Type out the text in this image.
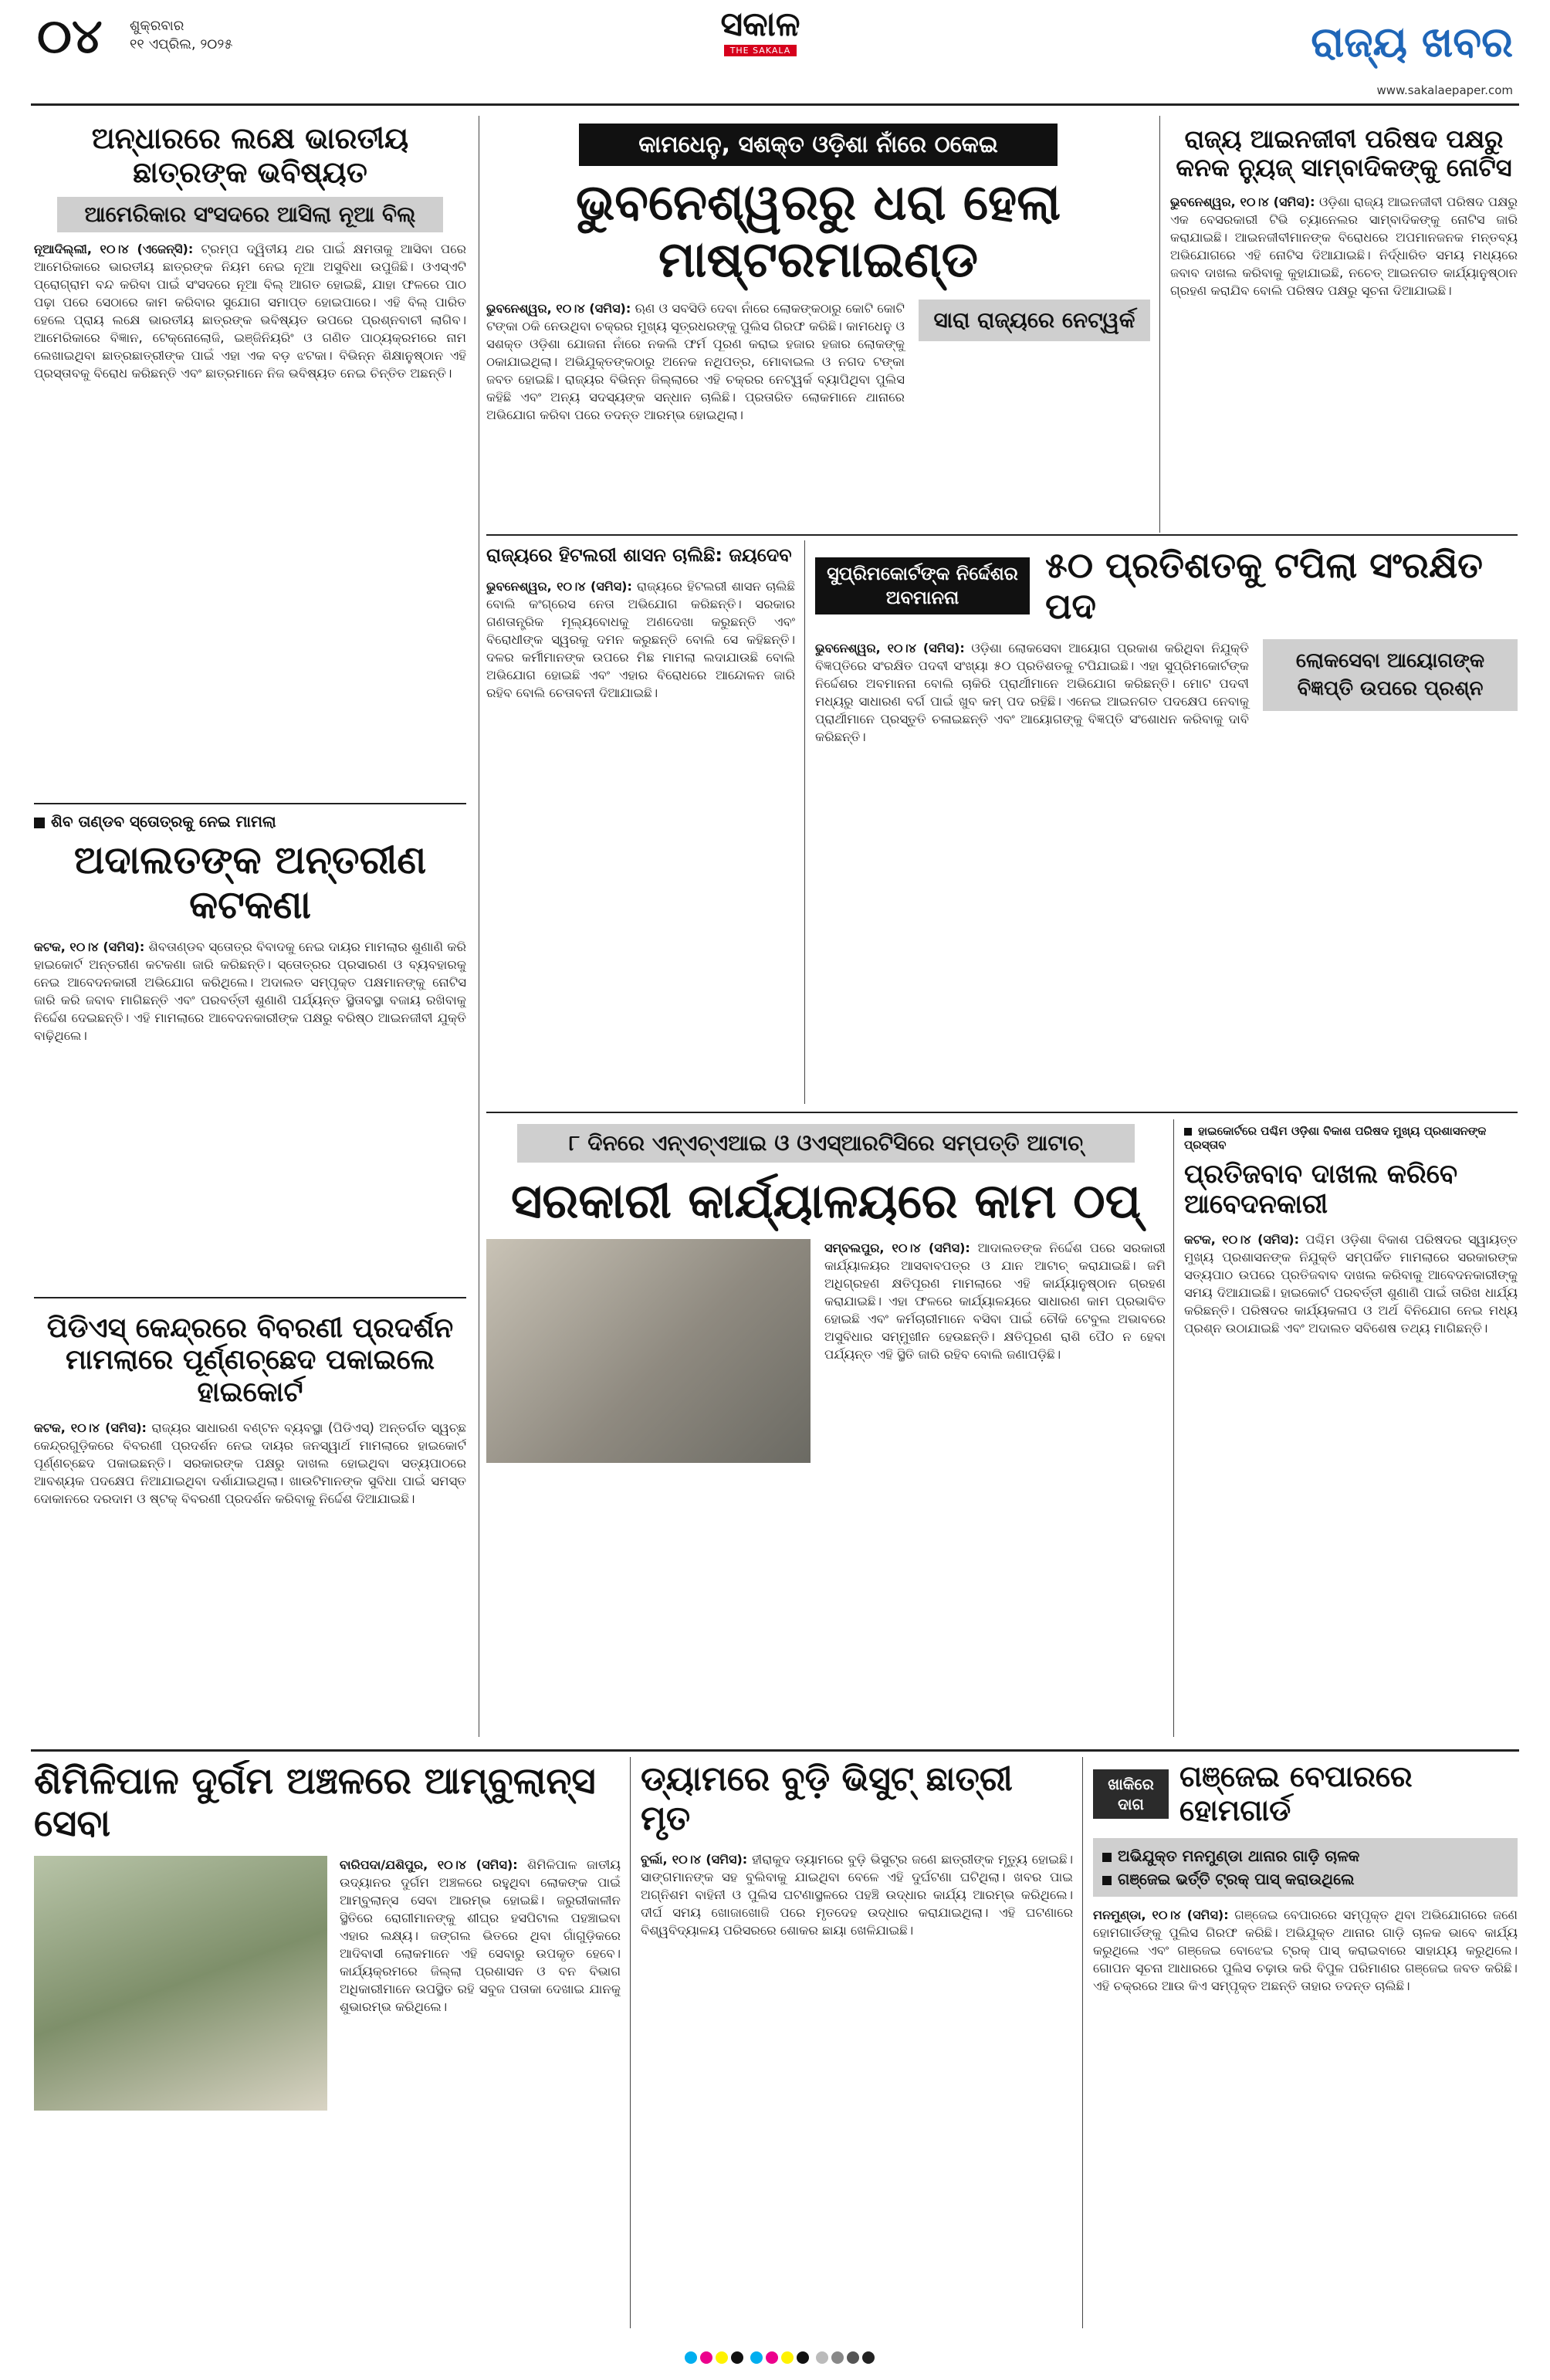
୦୪	ଶୁକ୍ରବାର
୧୧ ଏପ୍ରିଲ, ୨୦୨୫
ସକାଳ
THE SAKALA	ରାଜ୍ୟ ଖବର
www.sakalaepaper.com
ଅନ୍ଧାରରେ ଲକ୍ଷେ ଭାରତୀୟ ଛାତ୍ରଙ୍କ ଭବିଷ୍ୟତ
ଆମେରିକାର ସଂସଦରେ ଆସିଲା ନୂଆ ବିଲ୍
ନୂଆଦିଲ୍ଲୀ, ୧୦।୪ (ଏଜେନ୍ସି): ଟ୍ରମ୍ପ ଦ୍ୱିତୀୟ ଥର ପାଇଁ କ୍ଷମତାକୁ ଆସିବା ପରେ ଆମେରିକାରେ ଭାରତୀୟ ଛାତ୍ରଙ୍କ ନିୟମ ନେଇ ନୂଆ ଅସୁବିଧା ଉପୁଜିଛି। ଓଏସ୍ଏଟି ପ୍ରୋଗ୍ରାମ ବନ୍ଦ କରିବା ପାଇଁ ସଂସଦରେ ନୂଆ ବିଲ୍ ଆଗତ ହୋଇଛି, ଯାହା ଫଳରେ ପାଠ ପଢ଼ା ପରେ ସେଠାରେ କାମ କରିବାର ସୁଯୋଗ ସମାପ୍ତ ହୋଇପାରେ। ଏହି ବିଲ୍ ପାରିତ ହେଲେ ପ୍ରାୟ ଲକ୍ଷେ ଭାରତୀୟ ଛାତ୍ରଙ୍କ ଭବିଷ୍ୟତ ଉପରେ ପ୍ରଶ୍ନବାଚୀ ଲାଗିବ। ଆମେରିକାରେ ବିଜ୍ଞାନ, ଟେକ୍ନୋଲୋଜି, ଇଞ୍ଜିନିୟରିଂ ଓ ଗଣିତ ପାଠ୍ୟକ୍ରମରେ ନାମ ଲେଖାଇଥିବା ଛାତ୍ରଛାତ୍ରୀଙ୍କ ପାଇଁ ଏହା ଏକ ବଡ଼ ଝଟକା। ବିଭିନ୍ନ ଶିକ୍ଷାନୁଷ୍ଠାନ ଏହି ପ୍ରସ୍ତାବକୁ ବିରୋଧ କରିଛନ୍ତି ଏବଂ ଛାତ୍ରମାନେ ନିଜ ଭବିଷ୍ୟତ ନେଇ ଚିନ୍ତିତ ଅଛନ୍ତି।
ଶିବ ତାଣ୍ଡବ ସ୍ତୋତ୍ରକୁ ନେଇ ମାମଲା
ଅଦାଲତଙ୍କ ଅନ୍ତରୀଣ କଟକଣା
କଟକ, ୧୦।୪ (ସମିସ): ଶିବତାଣ୍ଡବ ସ୍ତୋତ୍ର ବିବାଦକୁ ନେଇ ଦାୟର ମାମଲାର ଶୁଣାଣି କରି ହାଇକୋର୍ଟ ଅନ୍ତରୀଣ କଟକଣା ଜାରି କରିଛନ୍ତି। ସ୍ତୋତ୍ରର ପ୍ରସାରଣ ଓ ବ୍ୟବହାରକୁ ନେଇ ଆବେଦନକାରୀ ଅଭିଯୋଗ କରିଥିଲେ। ଅଦାଲତ ସମ୍ପୃକ୍ତ ପକ୍ଷମାନଙ୍କୁ ନୋଟିସ ଜାରି କରି ଜବାବ ମାଗିଛନ୍ତି ଏବଂ ପରବର୍ତ୍ତୀ ଶୁଣାଣି ପର୍ଯ୍ୟନ୍ତ ସ୍ଥିତାବସ୍ଥା ବଜାୟ ରଖିବାକୁ ନିର୍ଦ୍ଦେଶ ଦେଇଛନ୍ତି। ଏହି ମାମଲାରେ ଆବେଦନକାରୀଙ୍କ ପକ୍ଷରୁ ବରିଷ୍ଠ ଆଇନଜୀବୀ ଯୁକ୍ତି ବାଢ଼ିଥିଲେ।
ପିଡିଏସ୍ କେନ୍ଦ୍ରରେ ବିବରଣୀ ପ୍ରଦର୍ଶନ ମାମଲାରେ ପୂର୍ଣ୍ଣଚ୍ଛେଦ ପକାଇଲେ ହାଇକୋର୍ଟ
କଟକ, ୧୦।୪ (ସମିସ): ରାଜ୍ୟର ସାଧାରଣ ବଣ୍ଟନ ବ୍ୟବସ୍ଥା (ପିଡିଏସ୍) ଅନ୍ତର୍ଗତ ସ୍ୱଚ୍ଛ କେନ୍ଦ୍ରଗୁଡ଼ିକରେ ବିବରଣୀ ପ୍ରଦର୍ଶନ ନେଇ ଦାୟର ଜନସ୍ୱାର୍ଥ ମାମଲାରେ ହାଇକୋର୍ଟ ପୂର୍ଣ୍ଣଚ୍ଛେଦ ପକାଇଛନ୍ତି। ସରକାରଙ୍କ ପକ୍ଷରୁ ଦାଖଲ ହୋଇଥିବା ସତ୍ୟପାଠରେ ଆବଶ୍ୟକ ପଦକ୍ଷେପ ନିଆଯାଇଥିବା ଦର୍ଶାଯାଇଥିଲା। ଖାଉଟିମାନଙ୍କ ସୁବିଧା ପାଇଁ ସମସ୍ତ ଦୋକାନରେ ଦରଦାମ ଓ ଷ୍ଟକ୍ ବିବରଣୀ ପ୍ରଦର୍ଶନ କରିବାକୁ ନିର୍ଦ୍ଦେଶ ଦିଆଯାଇଛି।
କାମଧେନୁ, ସଶକ୍ତ ଓଡ଼ିଶା ନାଁରେ ଠକେଇ
ଭୁବନେଶ୍ୱରରୁ ଧରା ହେଲା ମାଷ୍ଟରମାଇଣ୍ଡ
ଭୁବନେଶ୍ୱର, ୧୦।୪ (ସମିସ): ଋଣ ଓ ସବସିଡି ଦେବା ନାଁରେ ଲୋକଙ୍କଠାରୁ କୋଟି କୋଟି ଟଙ୍କା ଠକି ନେଉଥିବା ଚକ୍ରର ମୁଖ୍ୟ ସୂତ୍ରଧରଙ୍କୁ ପୁଲିସ ଗିରଫ କରିଛି। କାମଧେନୁ ଓ ସଶକ୍ତ ଓଡ଼ିଶା ଯୋଜନା ନାଁରେ ନକଲି ଫର୍ମ ପୂରଣ କରାଇ ହଜାର ହଜାର ଲୋକଙ୍କୁ ଠକାଯାଇଥିଲା। ଅଭିଯୁକ୍ତଙ୍କଠାରୁ ଅନେକ ନଥିପତ୍ର, ମୋବାଇଲ ଓ ନଗଦ ଟଙ୍କା ଜବତ ହୋଇଛି। ରାଜ୍ୟର ବିଭିନ୍ନ ଜିଲ୍ଲାରେ ଏହି ଚକ୍ରର ନେଟ୍ୱର୍କ ବ୍ୟାପିଥିବା ପୁଲିସ କହିଛି ଏବଂ ଅନ୍ୟ ସଦସ୍ୟଙ୍କ ସନ୍ଧାନ ଚାଲିଛି। ପ୍ରତାରିତ ଲୋକମାନେ ଥାନାରେ ଅଭିଯୋଗ କରିବା ପରେ ତଦନ୍ତ ଆରମ୍ଭ ହୋଇଥିଲା।
ସାରା ରାଜ୍ୟରେ ନେଟ୍ୱର୍କ
ରାଜ୍ୟ ଆଇନଜୀବୀ ପରିଷଦ ପକ୍ଷରୁ କନକ ନ୍ୟୁଜ୍ ସାମ୍ବାଦିକଙ୍କୁ ନୋଟିସ
ଭୁବନେଶ୍ୱର, ୧୦।୪ (ସମିସ): ଓଡ଼ିଶା ରାଜ୍ୟ ଆଇନଜୀବୀ ପରିଷଦ ପକ୍ଷରୁ ଏକ ବେସରକାରୀ ଟିଭି ଚ୍ୟାନେଲର ସାମ୍ବାଦିକଙ୍କୁ ନୋଟିସ ଜାରି କରାଯାଇଛି। ଆଇନଜୀବୀମାନଙ୍କ ବିରୋଧରେ ଅପମାନଜନକ ମନ୍ତବ୍ୟ ଅଭିଯୋଗରେ ଏହି ନୋଟିସ ଦିଆଯାଇଛି। ନିର୍ଦ୍ଧାରିତ ସମୟ ମଧ୍ୟରେ ଜବାବ ଦାଖଲ କରିବାକୁ କୁହାଯାଇଛି, ନଚେତ୍ ଆଇନଗତ କାର୍ଯ୍ୟାନୁଷ୍ଠାନ ଗ୍ରହଣ କରାଯିବ ବୋଲି ପରିଷଦ ପକ୍ଷରୁ ସୂଚନା ଦିଆଯାଇଛି।
ରାଜ୍ୟରେ ହିଟଲରୀ ଶାସନ ଚାଲିଛି: ଜୟଦେବ
ଭୁବନେଶ୍ୱର, ୧୦।୪ (ସମିସ): ରାଜ୍ୟରେ ହିଟଲରୀ ଶାସନ ଚାଲିଛି ବୋଲି କଂଗ୍ରେସ ନେତା ଅଭିଯୋଗ କରିଛନ୍ତି। ସରକାର ଗଣତାନ୍ତ୍ରିକ ମୂଲ୍ୟବୋଧକୁ ଅଣଦେଖା କରୁଛନ୍ତି ଏବଂ ବିରୋଧୀଙ୍କ ସ୍ୱରକୁ ଦମନ କରୁଛନ୍ତି ବୋଲି ସେ କହିଛନ୍ତି। ଦଳର କର୍ମୀମାନଙ୍କ ଉପରେ ମିଛ ମାମଲା ଲଦାଯାଉଛି ବୋଲି ଅଭିଯୋଗ ହୋଇଛି ଏବଂ ଏହାର ବିରୋଧରେ ଆନ୍ଦୋଳନ ଜାରି ରହିବ ବୋଲି ଚେତାବନୀ ଦିଆଯାଇଛି।
ସୁପ୍ରିମକୋର୍ଟଙ୍କ ନିର୍ଦ୍ଦେଶର ଅବମାନନା
୫୦ ପ୍ରତିଶତକୁ ଟପିଲା ସଂରକ୍ଷିତ ପଦ
ଭୁବନେଶ୍ୱର, ୧୦।୪ (ସମିସ): ଓଡ଼ିଶା ଲୋକସେବା ଆୟୋଗ ପ୍ରକାଶ କରିଥିବା ନିଯୁକ୍ତି ବିଜ୍ଞପ୍ତିରେ ସଂରକ୍ଷିତ ପଦବୀ ସଂଖ୍ୟା ୫୦ ପ୍ରତିଶତକୁ ଟପିଯାଇଛି। ଏହା ସୁପ୍ରିମକୋର୍ଟଙ୍କ ନିର୍ଦ୍ଦେଶର ଅବମାନନା ବୋଲି ଚାକିରି ପ୍ରାର୍ଥୀମାନେ ଅଭିଯୋଗ କରିଛନ୍ତି। ମୋଟ ପଦବୀ ମଧ୍ୟରୁ ସାଧାରଣ ବର୍ଗ ପାଇଁ ଖୁବ କମ୍ ପଦ ରହିଛି। ଏନେଇ ଆଇନଗତ ପଦକ୍ଷେପ ନେବାକୁ ପ୍ରାର୍ଥୀମାନେ ପ୍ରସ୍ତୁତି ଚଳାଇଛନ୍ତି ଏବଂ ଆୟୋଗଙ୍କୁ ବିଜ୍ଞପ୍ତି ସଂଶୋଧନ କରିବାକୁ ଦାବି କରିଛନ୍ତି।
ଲୋକସେବା ଆୟୋଗଙ୍କ ବିଜ୍ଞପ୍ତି ଉପରେ ପ୍ରଶ୍ନ
୮ ଦିନରେ ଏନ୍ଏଚ୍ଏଆଇ ଓ ଓଏସ୍ଆରଟିସିରେ ସମ୍ପତ୍ତି ଆଟାଚ୍
ସରକାରୀ କାର୍ଯ୍ୟାଳୟରେ କାମ ଠପ୍
ସମ୍ବଲପୁର, ୧୦।୪ (ସମିସ): ଆଦାଲତଙ୍କ ନିର୍ଦ୍ଦେଶ ପରେ ସରକାରୀ କାର୍ଯ୍ୟାଳୟର ଆସବାବପତ୍ର ଓ ଯାନ ଆଟାଚ୍ କରାଯାଇଛି। ଜମି ଅଧିଗ୍ରହଣ କ୍ଷତିପୂରଣ ମାମଲାରେ ଏହି କାର୍ଯ୍ୟାନୁଷ୍ଠାନ ଗ୍ରହଣ କରାଯାଇଛି। ଏହା ଫଳରେ କାର୍ଯ୍ୟାଳୟରେ ସାଧାରଣ କାମ ପ୍ରଭାବିତ ହୋଇଛି ଏବଂ କର୍ମଚାରୀମାନେ ବସିବା ପାଇଁ ଚୌକି ଟେବୁଲ ଅଭାବରେ ଅସୁବିଧାର ସମ୍ମୁଖୀନ ହେଉଛନ୍ତି। କ୍ଷତିପୂରଣ ରାଶି ପୈଠ ନ ହେବା ପର୍ଯ୍ୟନ୍ତ ଏହି ସ୍ଥିତି ଜାରି ରହିବ ବୋଲି ଜଣାପଡ଼ିଛି।
ହାଇକୋର୍ଟରେ ପଶ୍ଚିମ ଓଡ଼ିଶା ବିକାଶ ପରିଷଦ ମୁଖ୍ୟ ପ୍ରଶାସନଙ୍କ ପ୍ରସ୍ତାବ
ପ୍ରତିଜବାବ ଦାଖଲ କରିବେ ଆବେଦନକାରୀ
କଟକ, ୧୦।୪ (ସମିସ): ପଶ୍ଚିମ ଓଡ଼ିଶା ବିକାଶ ପରିଷଦର ସ୍ୱାୟତ୍ତ ମୁଖ୍ୟ ପ୍ରଶାସନଙ୍କ ନିଯୁକ୍ତି ସମ୍ପର୍କିତ ମାମଲାରେ ସରକାରଙ୍କ ସତ୍ୟପାଠ ଉପରେ ପ୍ରତିଜବାବ ଦାଖଲ କରିବାକୁ ଆବେଦନକାରୀଙ୍କୁ ସମୟ ଦିଆଯାଇଛି। ହାଇକୋର୍ଟ ପରବର୍ତ୍ତୀ ଶୁଣାଣି ପାଇଁ ତାରିଖ ଧାର୍ଯ୍ୟ କରିଛନ୍ତି। ପରିଷଦର କାର୍ଯ୍ୟକଳାପ ଓ ଅର୍ଥ ବିନିଯୋଗ ନେଇ ମଧ୍ୟ ପ୍ରଶ୍ନ ଉଠାଯାଇଛି ଏବଂ ଅଦାଲତ ସବିଶେଷ ତଥ୍ୟ ମାଗିଛନ୍ତି।
ଶିମିଳିପାଳ ଦୁର୍ଗମ ଅଞ୍ଚଳରେ ଆମ୍ବୁଲାନ୍ସ ସେବା
ବାରିପଦା/ଯଶିପୁର, ୧୦।୪ (ସମିସ): ଶିମିଳିପାଳ ଜାତୀୟ ଉଦ୍ୟାନର ଦୁର୍ଗମ ଅଞ୍ଚଳରେ ରହୁଥିବା ଲୋକଙ୍କ ପାଇଁ ଆମ୍ବୁଲାନ୍ସ ସେବା ଆରମ୍ଭ ହୋଇଛି। ଜରୁରୀକାଳୀନ ସ୍ଥିତିରେ ରୋଗୀମାନଙ୍କୁ ଶୀଘ୍ର ହସପିଟାଲ ପହଞ୍ଚାଇବା ଏହାର ଲକ୍ଷ୍ୟ। ଜଙ୍ଗଲ ଭିତରେ ଥିବା ଗାଁଗୁଡ଼ିକରେ ଆଦିବାସୀ ଲୋକମାନେ ଏହି ସେବାରୁ ଉପକୃତ ହେବେ। କାର୍ଯ୍ୟକ୍ରମରେ ଜିଲ୍ଲା ପ୍ରଶାସନ ଓ ବନ ବିଭାଗ ଅଧିକାରୀମାନେ ଉପସ୍ଥିତ ରହି ସବୁଜ ପତାକା ଦେଖାଇ ଯାନକୁ ଶୁଭାରମ୍ଭ କରିଥିଲେ।
ଡ୍ୟାମରେ ବୁଡ଼ି ଭିସୁଟ୍ ଛାତ୍ରୀ ମୃତ
ବୁର୍ଲା, ୧୦।୪ (ସମିସ): ହୀରାକୁଦ ଡ୍ୟାମରେ ବୁଡ଼ି ଭିସୁଟ୍ର ଜଣେ ଛାତ୍ରୀଙ୍କ ମୃତ୍ୟୁ ହୋଇଛି। ସାଙ୍ଗମାନଙ୍କ ସହ ବୁଲିବାକୁ ଯାଇଥିବା ବେଳେ ଏହି ଦୁର୍ଘଟଣା ଘଟିଥିଲା। ଖବର ପାଇ ଅଗ୍ନିଶମ ବାହିନୀ ଓ ପୁଲିସ ଘଟଣାସ୍ଥଳରେ ପହଞ୍ଚି ଉଦ୍ଧାର କାର୍ଯ୍ୟ ଆରମ୍ଭ କରିଥିଲେ। ଦୀର୍ଘ ସମୟ ଖୋଜାଖୋଜି ପରେ ମୃତଦେହ ଉଦ୍ଧାର କରାଯାଇଥିଲା। ଏହି ଘଟଣାରେ ବିଶ୍ୱବିଦ୍ୟାଳୟ ପରିସରରେ ଶୋକର ଛାୟା ଖେଳିଯାଇଛି।
ଖାକିରେ ଦାଗ
ଗଞ୍ଜେଇ ବେପାରରେ ହୋମଗାର୍ଡ
ଅଭିଯୁକ୍ତ ମନମୁଣ୍ଡା ଥାନାର ଗାଡ଼ି ଚାଳକ
ଗଞ୍ଜେଇ ଭର୍ତ୍ତି ଟ୍ରକ୍ ପାସ୍ କରାଉଥିଲେ
ମନମୁଣ୍ଡା, ୧୦।୪ (ସମିସ): ଗଞ୍ଜେଇ ବେପାରରେ ସମ୍ପୃକ୍ତ ଥିବା ଅଭିଯୋଗରେ ଜଣେ ହୋମଗାର୍ଡଙ୍କୁ ପୁଲିସ ଗିରଫ କରିଛି। ଅଭିଯୁକ୍ତ ଥାନାର ଗାଡ଼ି ଚାଳକ ଭାବେ କାର୍ଯ୍ୟ କରୁଥିଲେ ଏବଂ ଗଞ୍ଜେଇ ବୋଝେଇ ଟ୍ରକ୍ ପାସ୍ କରାଇବାରେ ସାହାଯ୍ୟ କରୁଥିଲେ। ଗୋପନ ସୂଚନା ଆଧାରରେ ପୁଲିସ ଚଢ଼ାଉ କରି ବିପୁଳ ପରିମାଣର ଗଞ୍ଜେଇ ଜବତ କରିଛି। ଏହି ଚକ୍ରରେ ଆଉ କିଏ ସମ୍ପୃକ୍ତ ଅଛନ୍ତି ତାହାର ତଦନ୍ତ ଚାଲିଛି।
